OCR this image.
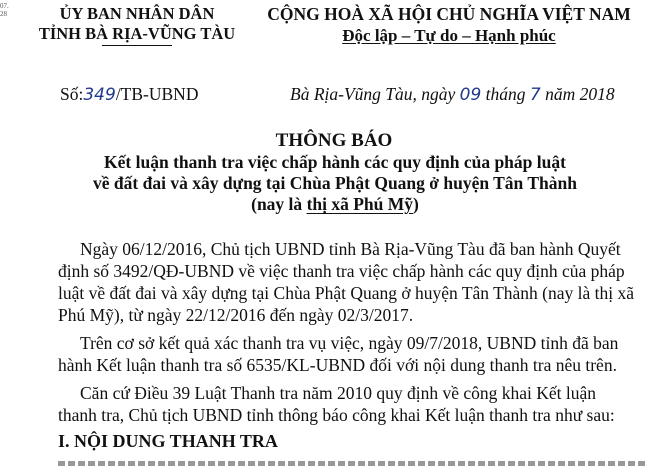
07.
28	ỦY BAN NHÂN DÂN
TỈNH BÀ RỊA-VŨNG TÀU
CỘNG HOÀ XÃ HỘI CHỦ NGHĨA VIỆT NAM
Độc lập – Tự do – Hạnh phúc
Số:349/TB-UBND	Bà Rịa-Vũng Tàu, ngày 09 tháng 7 năm 2018
THÔNG BÁO
Kết luận thanh tra việc chấp hành các quy định của pháp luật
về đất đai và xây dựng tại Chùa Phật Quang ở huyện Tân Thành
(nay là thị xã Phú Mỹ)

Ngày 06/12/2016, Chủ tịch UBND tỉnh Bà Rịa-Vũng Tàu đã ban hành Quyết
định số 3492/QĐ-UBND về việc thanh tra việc chấp hành các quy định của pháp
luật về đất đai và xây dựng tại Chùa Phật Quang ở huyện Tân Thành (nay là thị xã
Phú Mỹ), từ ngày 22/12/2016 đến ngày 02/3/2017.

Trên cơ sở kết quả xác thanh tra vụ việc, ngày 09/7/2018, UBND tỉnh đã ban
hành Kết luận thanh tra số 6535/KL-UBND đối với nội dung thanh tra nêu trên.

Căn cứ Điều 39 Luật Thanh tra năm 2010 quy định về công khai Kết luận
thanh tra, Chủ tịch UBND tỉnh thông báo công khai Kết luận thanh tra như sau:

I. NỘI DUNG THANH TRA
